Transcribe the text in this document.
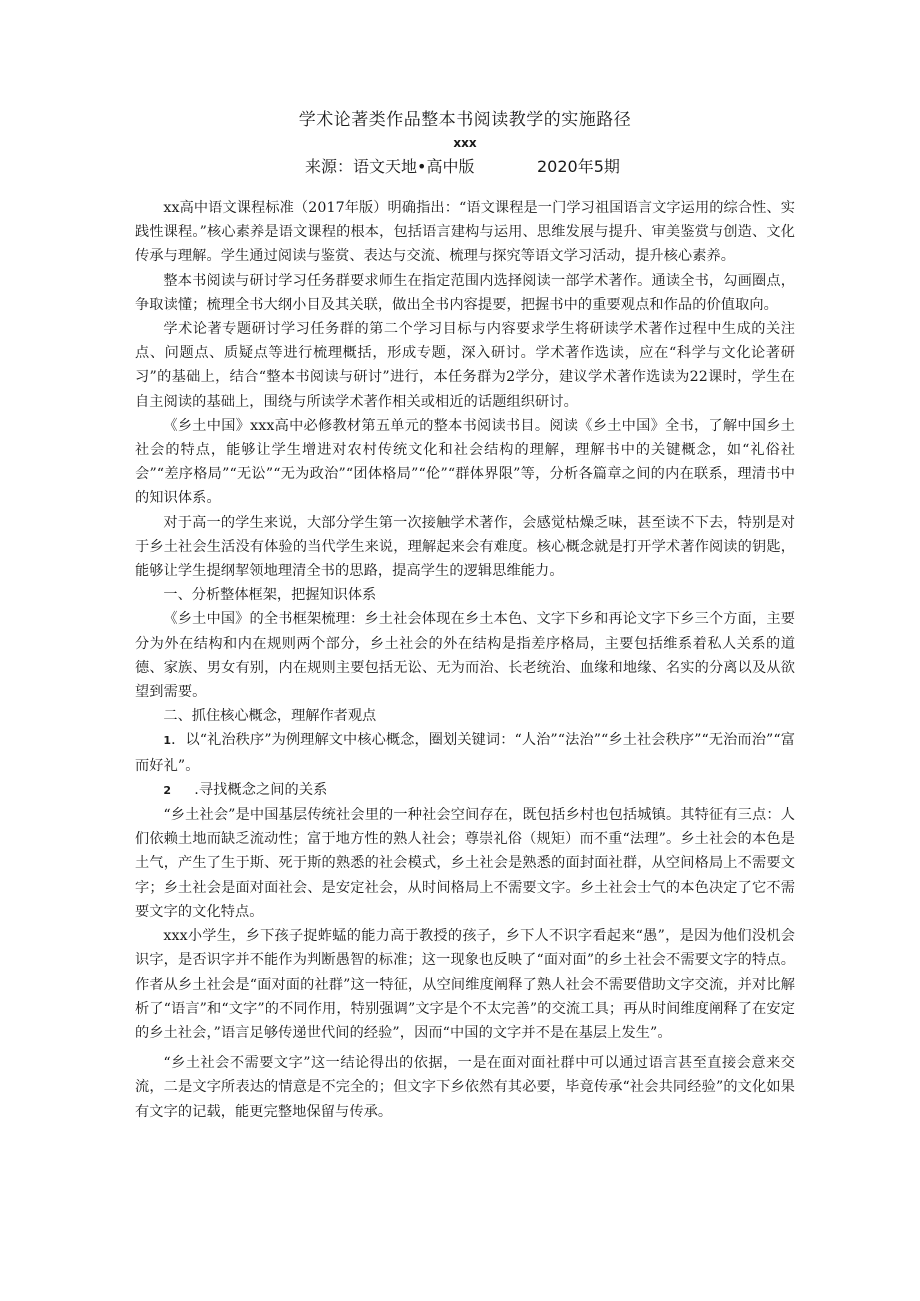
学术论著类作品整本书阅读教学的实施路径
xxx
来源：语文天地•高中版	2020年5期

xx高中语文课程标准（2017年版）明确指出：“语文课程是一门学习祖国语言文字运用的综合性、实践性课程。”核心素养是语文课程的根本，包括语言建构与运用、思维发展与提升、审美鉴赏与创造、文化传承与理解。学生通过阅读与鉴赏、表达与交流、梳理与探究等语文学习活动，提升核心素养。

整本书阅读与研讨学习任务群要求师生在指定范围内选择阅读一部学术著作。通读全书，勾画圈点，争取读懂；梳理全书大纲小目及其关联，做出全书内容提要，把握书中的重要观点和作品的价值取向。

学术论著专题研讨学习任务群的第二个学习目标与内容要求学生将研读学术著作过程中生成的关注点、问题点、质疑点等进行梳理概括，形成专题，深入研讨。学术著作选读，应在“科学与文化论著研习”的基础上，结合“整本书阅读与研讨”进行，本任务群为2学分，建议学术著作选读为22课时，学生在自主阅读的基础上，围绕与所读学术著作相关或相近的话题组织研讨。

《乡土中国》xxx高中必修教材第五单元的整本书阅读书目。阅读《乡土中国》全书，了解中国乡土社会的特点，能够让学生增进对农村传统文化和社会结构的理解，理解书中的关键概念，如“礼俗社会”“差序格局”“无讼”“无为政治”“团体格局”“伦”“群体界限”等，分析各篇章之间的内在联系，理清书中的知识体系。

对于高一的学生来说，大部分学生第一次接触学术著作，会感觉枯燥乏味，甚至读不下去，特别是对于乡土社会生活没有体验的当代学生来说，理解起来会有难度。核心概念就是打开学术著作阅读的钥匙，能够让学生提纲挈领地理清全书的思路，提高学生的逻辑思维能力。

一、分析整体框架，把握知识体系

《乡土中国》的全书框架梳理：乡土社会体现在乡土本色、文字下乡和再论文字下乡三个方面，主要分为外在结构和内在规则两个部分，乡土社会的外在结构是指差序格局，主要包括维系着私人关系的道德、家族、男女有别，内在规则主要包括无讼、无为而治、长老统治、血缘和地缘、名实的分离以及从欲望到需要。

二、抓住核心概念，理解作者观点

1．以“礼治秩序”为例理解文中核心概念，圈划关键词：“人治”“法治”“乡土社会秩序”“无治而治”“富而好礼”。

2 .寻找概念之间的关系

“乡土社会”是中国基层传统社会里的一种社会空间存在，既包括乡村也包括城镇。其特征有三点：人们依赖土地而缺乏流动性；富于地方性的熟人社会；尊崇礼俗（规矩）而不重“法理”。乡土社会的本色是土气，产生了生于斯、死于斯的熟悉的社会模式，乡土社会是熟悉的面封面社群，从空间格局上不需要文字；乡土社会是面对面社会、是安定社会，从时间格局上不需要文字。乡土社会士气的本色决定了它不需要文字的文化特点。

xxx小学生，乡下孩子捉蚱蜢的能力高于教授的孩子，乡下人不识字看起来“愚”，是因为他们没机会识字，是否识字并不能作为判断愚智的标准；这一现象也反映了“面对面”的乡土社会不需要文字的特点。作者从乡土社会是“面对面的社群”这一特征，从空间维度阐释了熟人社会不需要借助文字交流，并对比解析了“语言”和“文字”的不同作用，特别强调”文字是个不太完善”的交流工具；再从时间维度阐释了在安定的乡土社会，”语言足够传递世代间的经验”，因而“中国的文字并不是在基层上发生”。

“乡土社会不需要文字”这一结论得出的依据，一是在面对面社群中可以通过语言甚至直接会意来交流，二是文字所表达的情意是不完全的；但文字下乡依然有其必要，毕竟传承“社会共同经验”的文化如果有文字的记载，能更完整地保留与传承。
